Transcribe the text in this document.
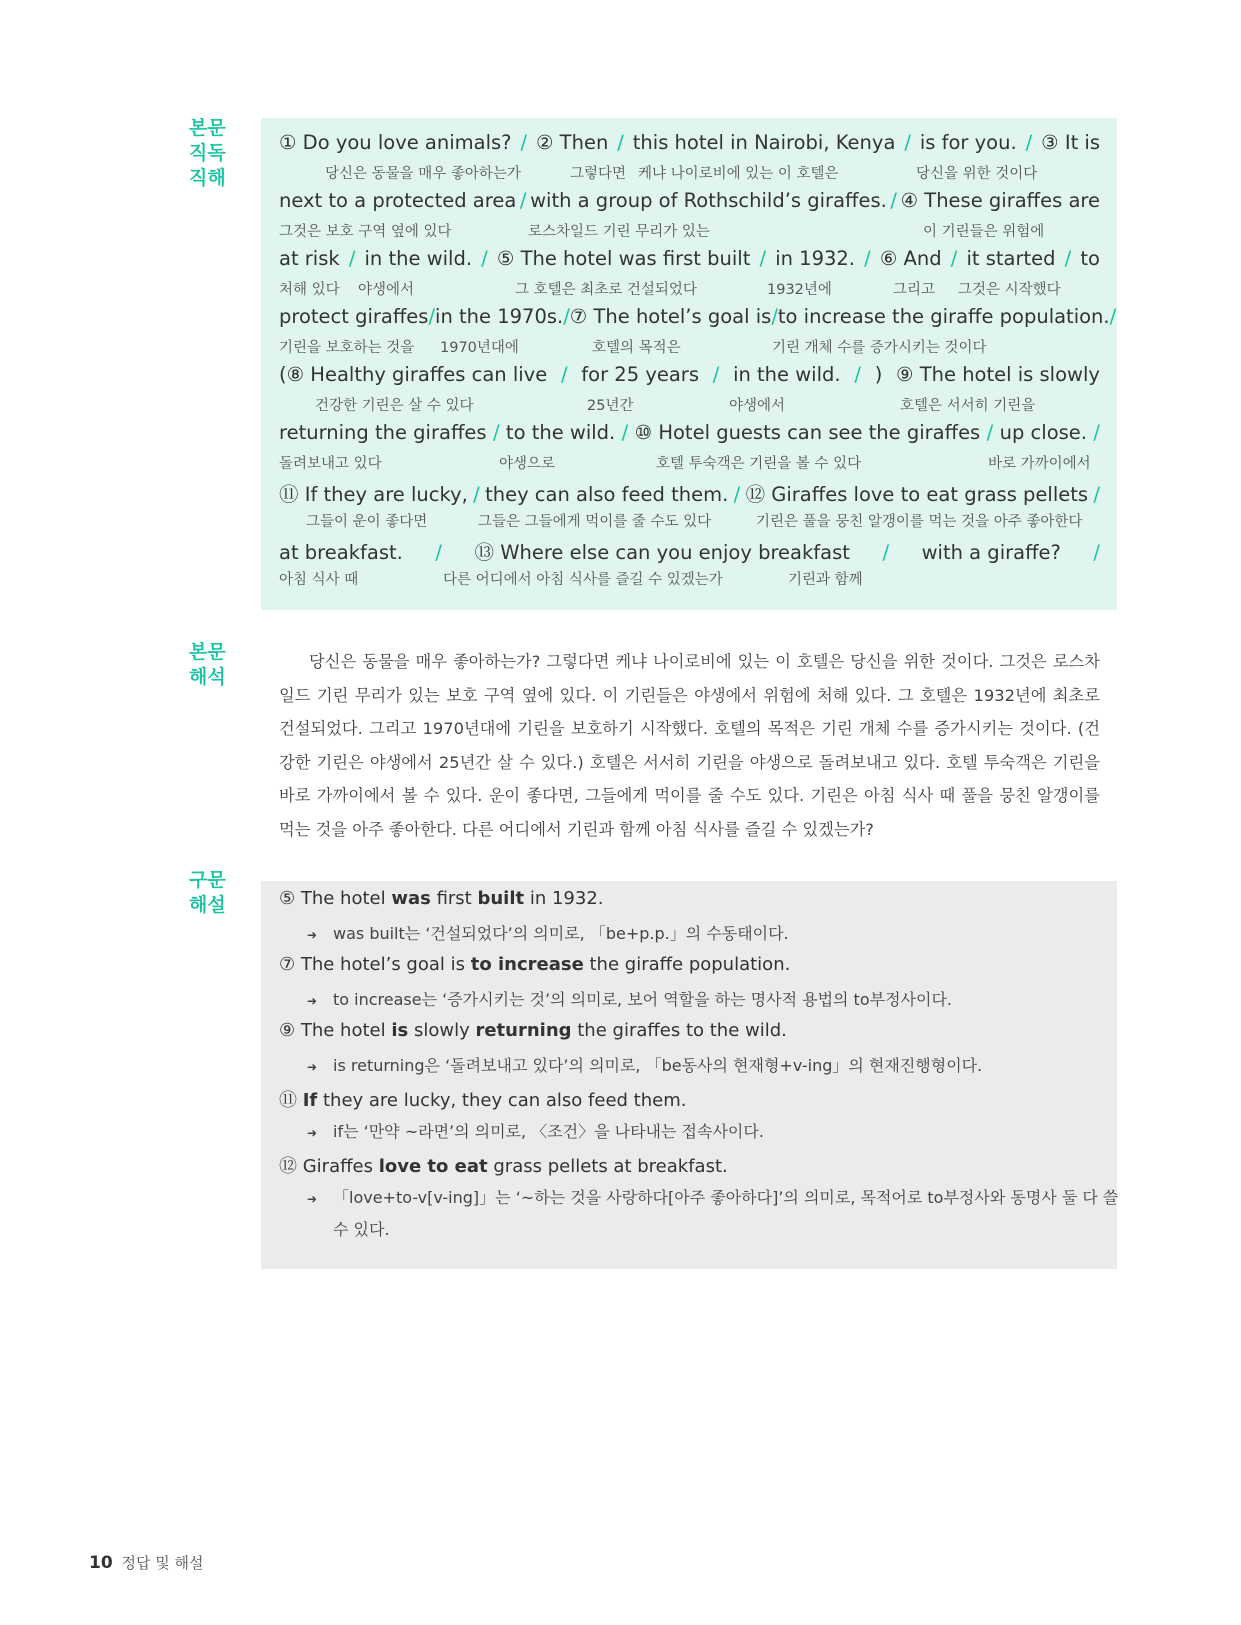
본문
직독
직해
본문
해석
구문
해설
① Do you love animals? / ② Then / this hotel in Nairobi, Kenya / is for you. / ③ It is
당신은 동물을 매우 좋아하는가	그렇다면 케냐 나이로비에 있는 이 호텔은	당신을 위한 것이다
next to a protected area / with a group of Rothschild’s giraffes. / ④ These giraffes are
그것은 보호 구역 옆에 있다	로스차일드 기린 무리가 있는	이 기린들은 위험에
at risk / in the wild. / ⑤ The hotel was first built / in 1932. / ⑥ And / it started / to
처해 있다 야생에서	그 호텔은 최초로 건설되었다	1932년에	그리고 그것은 시작했다
protect giraffes / in the 1970s. / ⑦ The hotel’s goal is / to increase the giraffe population. /
기린을 보호하는 것을 1970년대에	호텔의 목적은	기린 개체 수를 증가시키는 것이다
(⑧ Healthy giraffes can live / for 25 years / in the wild. / ) ⑨ The hotel is slowly
건강한 기린은 살 수 있다	25년간	야생에서	호텔은 서서히 기린을
returning the giraffes / to the wild. / ⑩ Hotel guests can see the giraffes / up close. /
돌려보내고 있다	야생으로	호텔 투숙객은 기린을 볼 수 있다	바로 가까이에서
⑪ If they are lucky, / they can also feed them. / ⑫ Giraffes love to eat grass pellets /
그들이 운이 좋다면	그들은 그들에게 먹이를 줄 수도 있다	기린은 풀을 뭉친 알갱이를 먹는 것을 아주 좋아한다
at breakfast. / ⑬ Where else can you enjoy breakfast / with a giraffe? /
아침 식사 때	다른 어디에서 아침 식사를 즐길 수 있겠는가	기린과 함께

당신은 동물을 매우 좋아하는가? 그렇다면 케냐 나이로비에 있는 이 호텔은 당신을 위한 것이다. 그것은 로스차일드 기린 무리가 있는 보호 구역 옆에 있다. 이 기린들은 야생에서 위험에 처해 있다. 그 호텔은 1932년에 최초로 건설되었다. 그리고 1970년대에 기린을 보호하기 시작했다. 호텔의 목적은 기린 개체 수를 증가시키는 것이다. (건강한 기린은 야생에서 25년간 살 수 있다.) 호텔은 서서히 기린을 야생으로 돌려보내고 있다. 호텔 투숙객은 기린을 바로 가까이에서 볼 수 있다. 운이 좋다면, 그들에게 먹이를 줄 수도 있다. 기린은 아침 식사 때 풀을 뭉친 알갱이를 먹는 것을 아주 좋아한다. 다른 어디에서 기린과 함께 아침 식사를 즐길 수 있겠는가?

⑤ The hotel was first built in 1932.
➜ was built는 ‘건설되었다’의 의미로, 「be+p.p.」의 수동태이다.
⑦ The hotel’s goal is to increase the giraffe population.
➜ to increase는 ‘증가시키는 것’의 의미로, 보어 역할을 하는 명사적 용법의 to부정사이다.
⑨ The hotel is slowly returning the giraffes to the wild.
➜ is returning은 ‘돌려보내고 있다’의 의미로, 「be동사의 현재형+v-ing」의 현재진행형이다.
⑪ If they are lucky, they can also feed them.
➜ if는 ‘만약 ~라면’의 의미로, 〈조건〉을 나타내는 접속사이다.
⑫ Giraffes love to eat grass pellets at breakfast.
➜ 「love+to-v[v-ing]」는 ‘~하는 것을 사랑하다[아주 좋아하다]’의 의미로, 목적어로 to부정사와 동명사 둘 다 쓸
수 있다.
10 정답 및 해설
